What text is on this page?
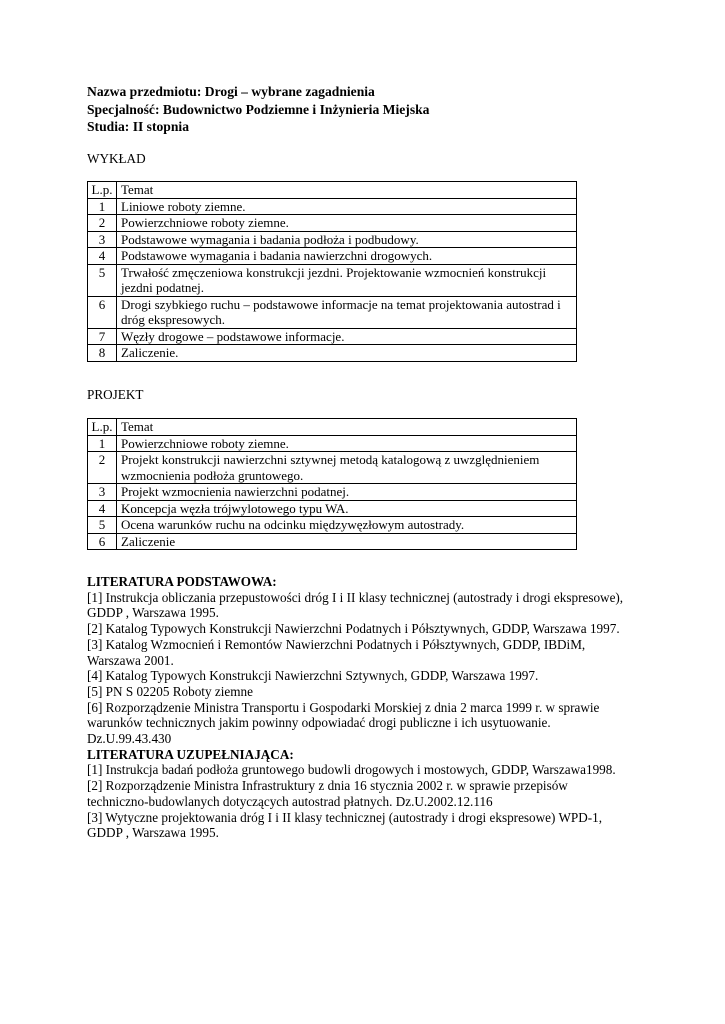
Nazwa przedmiotu: Drogi – wybrane zagadnienia
Specjalność: Budownictwo Podziemne i Inżynieria Miejska
Studia: II stopnia
WYKŁAD
L.p.	Temat
1	Liniowe roboty ziemne.
2	Powierzchniowe roboty ziemne.
3	Podstawowe wymagania i badania podłoża i podbudowy.
4	Podstawowe wymagania i badania nawierzchni drogowych.
5	Trwałość zmęczeniowa konstrukcji jezdni. Projektowanie wzmocnień konstrukcji jezdni podatnej.
6	Drogi szybkiego ruchu – podstawowe informacje na temat projektowania autostrad i dróg ekspresowych.
7	Węzły drogowe – podstawowe informacje.
8	Zaliczenie.
PROJEKT
L.p.	Temat
1	Powierzchniowe roboty ziemne.
2	Projekt konstrukcji nawierzchni sztywnej metodą katalogową z uwzględnieniem wzmocnienia podłoża gruntowego.
3	Projekt wzmocnienia nawierzchni podatnej.
4	Koncepcja węzła trójwylotowego typu WA.
5	Ocena warunków ruchu na odcinku międzywęzłowym autostrady.
6	Zaliczenie
LITERATURA PODSTAWOWA:

[1] Instrukcja obliczania przepustowości dróg I i II klasy technicznej (autostrady i drogi ekspresowe), GDDP , Warszawa 1995.

[2] Katalog Typowych Konstrukcji Nawierzchni Podatnych i Półsztywnych, GDDP, Warszawa 1997.

[3] Katalog Wzmocnień i Remontów Nawierzchni Podatnych i Półsztywnych, GDDP, IBDiM, Warszawa 2001.

[4] Katalog Typowych Konstrukcji Nawierzchni Sztywnych, GDDP, Warszawa 1997.

[5] PN S 02205 Roboty ziemne

[6] Rozporządzenie Ministra Transportu i Gospodarki Morskiej z dnia 2 marca 1999 r. w sprawie warunków technicznych jakim powinny odpowiadać drogi publiczne i ich usytuowanie. Dz.U.99.43.430

LITERATURA UZUPEŁNIAJĄCA:

[1] Instrukcja badań podłoża gruntowego budowli drogowych i mostowych, GDDP, Warszawa1998.

[2] Rozporządzenie Ministra Infrastruktury z dnia 16 stycznia 2002 r. w sprawie przepisów techniczno-budowlanych dotyczących autostrad płatnych. Dz.U.2002.12.116

[3] Wytyczne projektowania dróg I i II klasy technicznej (autostrady i drogi ekspresowe) WPD-1, GDDP , Warszawa 1995.
